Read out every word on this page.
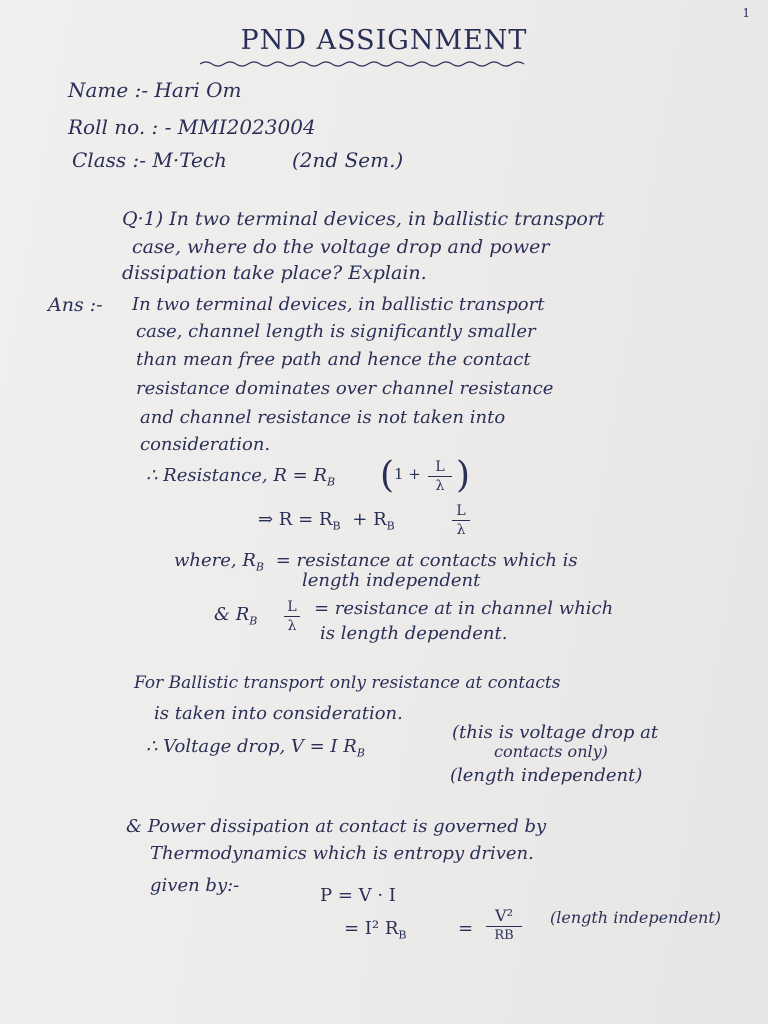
1
PND ASSIGNMENT
Name :- Hari Om
Roll no. : - MMI2023004
Class :- M·Tech	(2nd Sem.)
Q·1) In two terminal devices, in ballistic transport
case, where do the voltage drop and power
dissipation take place? Explain.
Ans :- In two terminal devices, in ballistic transport
case, channel length is significantly smaller
than mean free path and hence the contact
resistance dominates over channel resistance
and channel resistance is not taken into
consideration.
∴ Resistance, $R = R_B$ ( 1 +	L
λ )
⇒ $R = R_B + R_B$
L
λ
where, $R_B$ = resistance at contacts which is
length independent
& $R_B$
L
λ
= resistance at in channel which
is length dependent.
For Ballistic transport only resistance at contacts
is taken into consideration.
∴ Voltage drop, V = I $R_B$
(this is voltage drop at
contacts only)
(length independent)
& Power dissipation at contact is governed by
Thermodynamics which is entropy driven.
given by:-	P = V · I
= I² $R_B$	=
V²
RB
(length independent)
